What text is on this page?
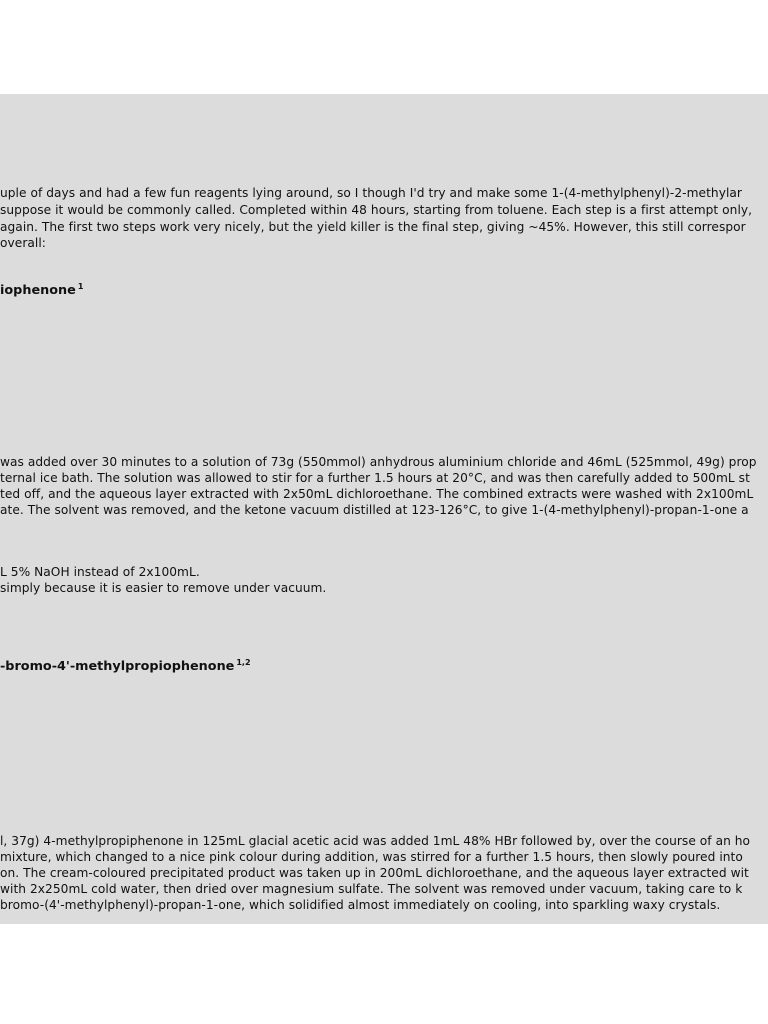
uple of days and had a few fun reagents lying around, so I though I'd try and make some 1-(4-methylphenyl)-2-methylar
suppose it would be commonly called. Completed within 48 hours, starting from toluene. Each step is a first attempt only,
again. The first two steps work very nicely, but the yield killer is the final step, giving ~45%. However, this still correspor
overall:
iophenone $^1$
was added over 30 minutes to a solution of 73g (550mmol) anhydrous aluminium chloride and 46mL (525mmol, 49g) prop
ternal ice bath. The solution was allowed to stir for a further 1.5 hours at 20°C, and was then carefully added to 500mL st
ted off, and the aqueous layer extracted with 2x50mL dichloroethane. The combined extracts were washed with 2x100mL
ate. The solvent was removed, and the ketone vacuum distilled at 123-126°C, to give 1-(4-methylphenyl)-propan-1-one a
L 5% NaOH instead of 2x100mL.
simply because it is easier to remove under vacuum.
-bromo-4'-methylpropiophenone $^{1,2}$
l, 37g) 4-methylpropiphenone in 125mL glacial acetic acid was added 1mL 48% HBr followed by, over the course of an ho
mixture, which changed to a nice pink colour during addition, was stirred for a further 1.5 hours, then slowly poured into
on. The cream-coloured precipitated product was taken up in 200mL dichloroethane, and the aqueous layer extracted wit
with 2x250mL cold water, then dried over magnesium sulfate. The solvent was removed under vacuum, taking care to k
bromo-(4'-methylphenyl)-propan-1-one, which solidified almost immediately on cooling, into sparkling waxy crystals.
